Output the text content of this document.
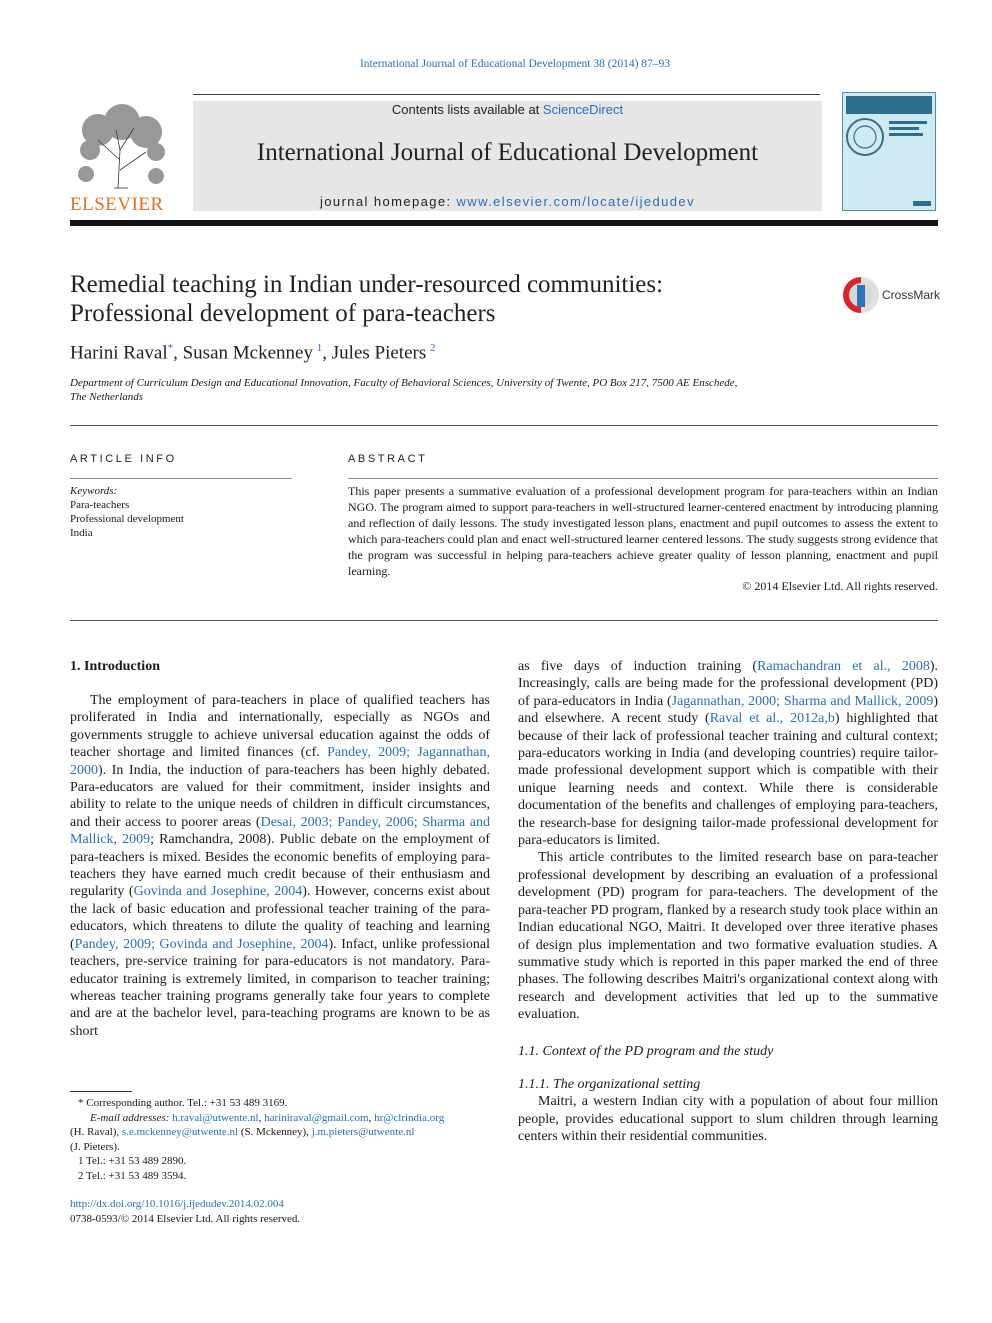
International Journal of Educational Development 38 (2014) 87–93
ELSEVIER
Contents lists available at ScienceDirect
International Journal of Educational Development
journal homepage: www.elsevier.com/locate/ijedudev
Remedial teaching in Indian under-resourced communities:
Professional development of para-teachers
CrossMark
Harini Raval*, Susan Mckenney  $^1$, Jules Pieters  $^2$
Department of Curriculum Design and Educational Innovation, Faculty of Behavioral Sciences, University of Twente, PO Box 217, 7500 AE Enschede,
The Netherlands
ARTICLE INFO
Keywords:
Para-teachers
Professional development
India
ABSTRACT
This paper presents a summative evaluation of a professional development program for para-teachers within an Indian NGO. The program aimed to support para-teachers in well-structured learner-centered enactment by introducing planning and reflection of daily lessons. The study investigated lesson plans, enactment and pupil outcomes to assess the extent to which para-teachers could plan and enact well-structured learner centered lessons. The study suggests strong evidence that the program was successful in helping para-teachers achieve greater quality of lesson planning, enactment and pupil learning.
© 2014 Elsevier Ltd. All rights reserved.
1. Introduction

The employment of para-teachers in place of qualified teachers has proliferated in India and internationally, especially as NGOs and governments struggle to achieve universal education against the odds of teacher shortage and limited finances (cf. Pandey, 2009; Jagannathan, 2000). In India, the induction of para-teachers has been highly debated. Para-educators are valued for their commitment, insider insights and ability to relate to the unique needs of children in difficult circumstances, and their access to poorer areas (Desai, 2003; Pandey, 2006; Sharma and Mallick, 2009; Ramchandra, 2008). Public debate on the employment of para-teachers is mixed. Besides the economic benefits of employing para-teachers they have earned much credit because of their enthusiasm and regularity (Govinda and Josephine, 2004). However, concerns exist about the lack of basic education and professional teacher training of the para-educators, which threatens to dilute the quality of teaching and learning (Pandey, 2009; Govinda and Josephine, 2004). Infact, unlike professional teachers, pre-service training for para-educators is not mandatory. Para-educator training is extremely limited, in comparison to teacher training; whereas teacher training programs generally take four years to complete and are at the bachelor level, para-teaching programs are known to be as short

as five days of induction training (Ramachandran et al., 2008). Increasingly, calls are being made for the professional development (PD) of para-educators in India (Jagannathan, 2000; Sharma and Mallick, 2009) and elsewhere. A recent study (Raval et al., 2012a,b) highlighted that because of their lack of professional teacher training and cultural context; para-educators working in India (and developing countries) require tailor-made professional development support which is compatible with their unique learning needs and context. While there is considerable documentation of the benefits and challenges of employing para-teachers, the research-base for designing tailor-made professional development for para-educators is limited.

This article contributes to the limited research base on para-teacher professional development by describing an evaluation of a professional development (PD) program for para-teachers. The development of the para-teacher PD program, flanked by a research study took place within an Indian educational NGO, Maitri. It developed over three iterative phases of design plus implementation and two formative evaluation studies. A summative study which is reported in this paper marked the end of three phases. The following describes Maitri's organizational context along with research and development activities that led up to the summative evaluation.

1.1. Context of the PD program and the study
1.1.1. The organizational setting

Maitri, a western Indian city with a population of about four million people, provides educational support to slum children through learning centers within their residential communities.

* Corresponding author. Tel.: +31 53 489 3169.
E-mail addresses: h.raval@utwente.nl, hariniraval@gmail.com, hr@clrindia.org
(H. Raval), s.e.mckenney@utwente.nl (S. Mckenney), j.m.pieters@utwente.nl
(J. Pieters).
1 Tel.: +31 53 489 2890.
2 Tel.: +31 53 489 3594.
http://dx.doi.org/10.1016/j.ijedudev.2014.02.004
0738-0593/© 2014 Elsevier Ltd. All rights reserved.
